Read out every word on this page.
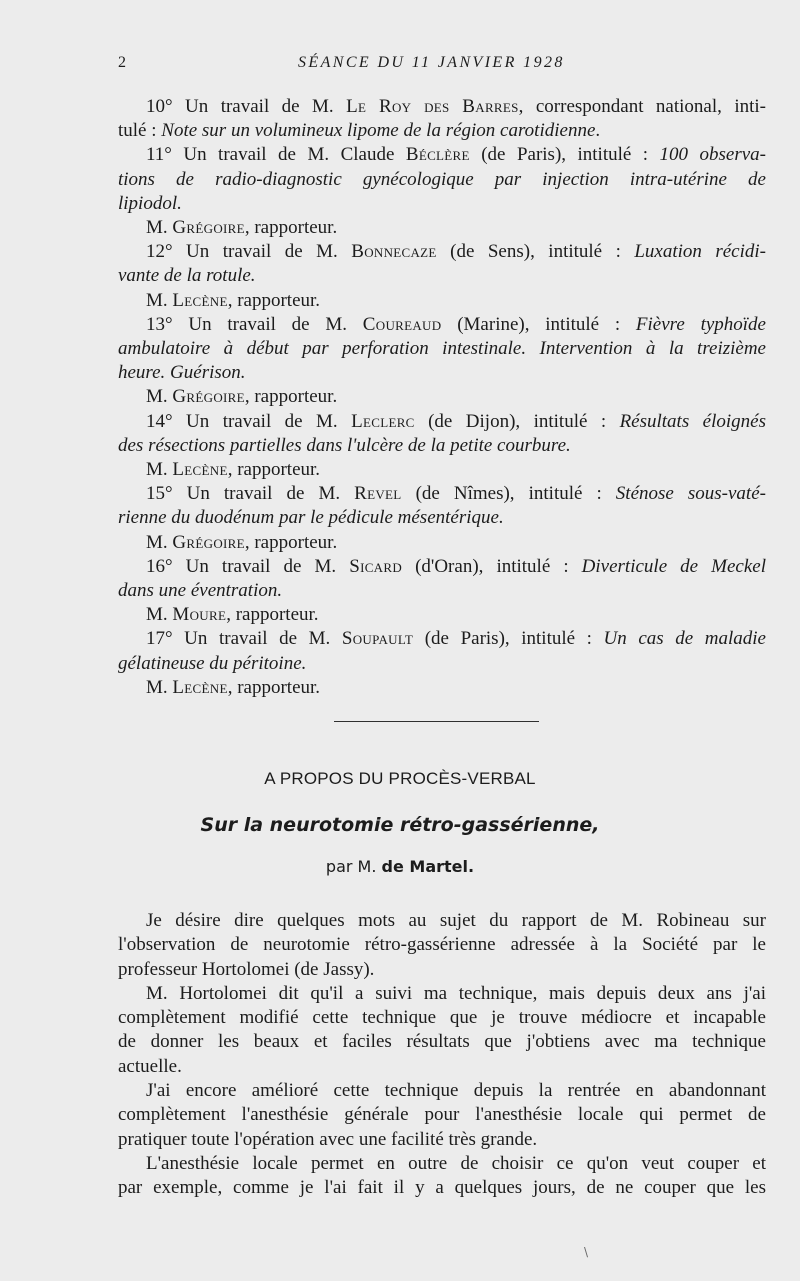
2	SÉANCE DU 11 JANVIER 1928
10° Un travail de M. Le Roy des Barres, correspondant national, inti-
tulé : Note sur un volumineux lipome de la région carotidienne.
11° Un travail de M. Claude Béclère (de Paris), intitulé : 100 observa-
tions de radio-diagnostic gynécologique par injection intra-utérine de
lipiodol.
M. Grégoire, rapporteur.
12° Un travail de M. Bonnecaze (de Sens), intitulé : Luxation récidi-
vante de la rotule.
M. Lecène, rapporteur.
13° Un travail de M. Coureaud (Marine), intitulé : Fièvre typhoïde
ambulatoire à début par perforation intestinale. Intervention à la treizième
heure. Guérison.
M. Grégoire, rapporteur.
14° Un travail de M. Leclerc (de Dijon), intitulé : Résultats éloignés
des résections partielles dans l'ulcère de la petite courbure.
M. Lecène, rapporteur.
15° Un travail de M. Revel (de Nîmes), intitulé : Sténose sous-vaté-
rienne du duodénum par le pédicule mésentérique.
M. Grégoire, rapporteur.
16° Un travail de M. Sicard (d'Oran), intitulé : Diverticule de Meckel
dans une éventration.
M. Moure, rapporteur.
17° Un travail de M. Soupault (de Paris), intitulé : Un cas de maladie
gélatineuse du péritoine.
M. Lecène, rapporteur.
A PROPOS DU PROCÈS-VERBAL
Sur la neurotomie rétro-gassérienne,
par M. de Martel.
Je désire dire quelques mots au sujet du rapport de M. Robineau sur
l'observation de neurotomie rétro-gassérienne adressée à la Société par le
professeur Hortolomei (de Jassy).
M. Hortolomei dit qu'il a suivi ma technique, mais depuis deux ans j'ai
complètement modifié cette technique que je trouve médiocre et incapable
de donner les beaux et faciles résultats que j'obtiens avec ma technique
actuelle.
J'ai encore amélioré cette technique depuis la rentrée en abandonnant
complètement l'anesthésie générale pour l'anesthésie locale qui permet de
pratiquer toute l'opération avec une facilité très grande.
L'anesthésie locale permet en outre de choisir ce qu'on veut couper et
par exemple, comme je l'ai fait il y a quelques jours, de ne couper que les
\
